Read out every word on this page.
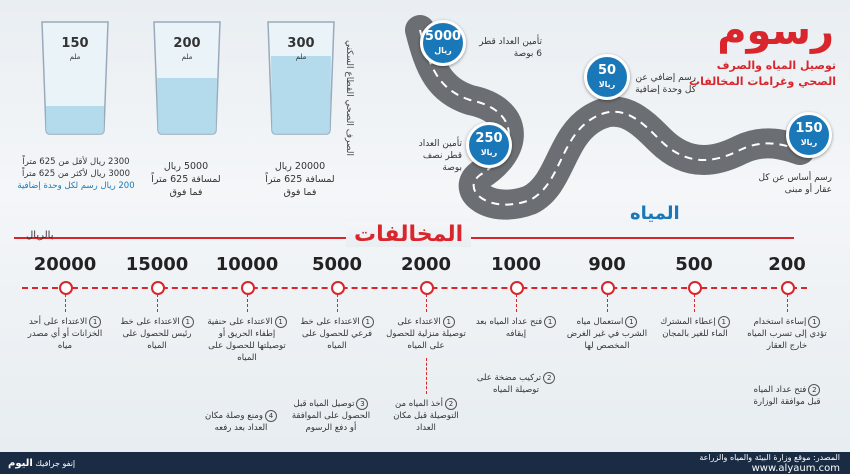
رسوم
توصيل المياه والصرف
الصحي وغرامات المخالفات
المياه
150
ريالا
رسم أساس عن كل عقار أو مبنى
50
ريالا
رسم إضافي عن كل وحدة إضافية
250
ريالا
تأمين العداد قطر نصف بوصة
5000
ريال
تأمين العداد قطر 6 بوصة
الصرف الصحي القطاع السكني
300
ملم
20000 ريال
لمسافة 625 متراً
فما فوق
200
ملم
5000 ريال
لمسافة 625 متراً
فما فوق
150
ملم
2300 ريال لأقل من 625 متراً
3000 ريال لأكثر من 625 متراً
200 ريال رسم لكل وحدة إضافية
المخالفات
بالريال
200
500
900
1000
2000
5000
10000
15000
20000
1إساءة استخدام تؤدي إلى تسرب المياه خارج العقار
2فتح عداد المياه قبل موافقة الوزارة
1إعطاء المشترك الماء للغير بالمجان
1استعمال مياه الشرب في غير الغرض المخصص لها
1فتح عداد المياه بعد إيقافه
2تركيب مضخة على توصيلة المياه
1الاعتداء على توصيلة منزلية للحصول على المياه
2أخذ المياه من التوصيلة قبل مكان العداد
1الاعتداء على خط فرعي للحصول على المياه
3توصيل المياه قبل الحصول على الموافقة أو دفع الرسوم
1الاعتداء على حنفية إطفاء الحريق أو توصيلتها للحصول على المياه
4ومنع وصلة مكان العداد بعد رفعه
1الاعتداء على خط رئيس للحصول على المياه
1الاعتداء على أحد الخزانات أو أي مصدر مياه
إنفو جرافيك اليوم
المصدر: موقع وزارة البيئة والمياه والزراعة
www.alyaum.com
